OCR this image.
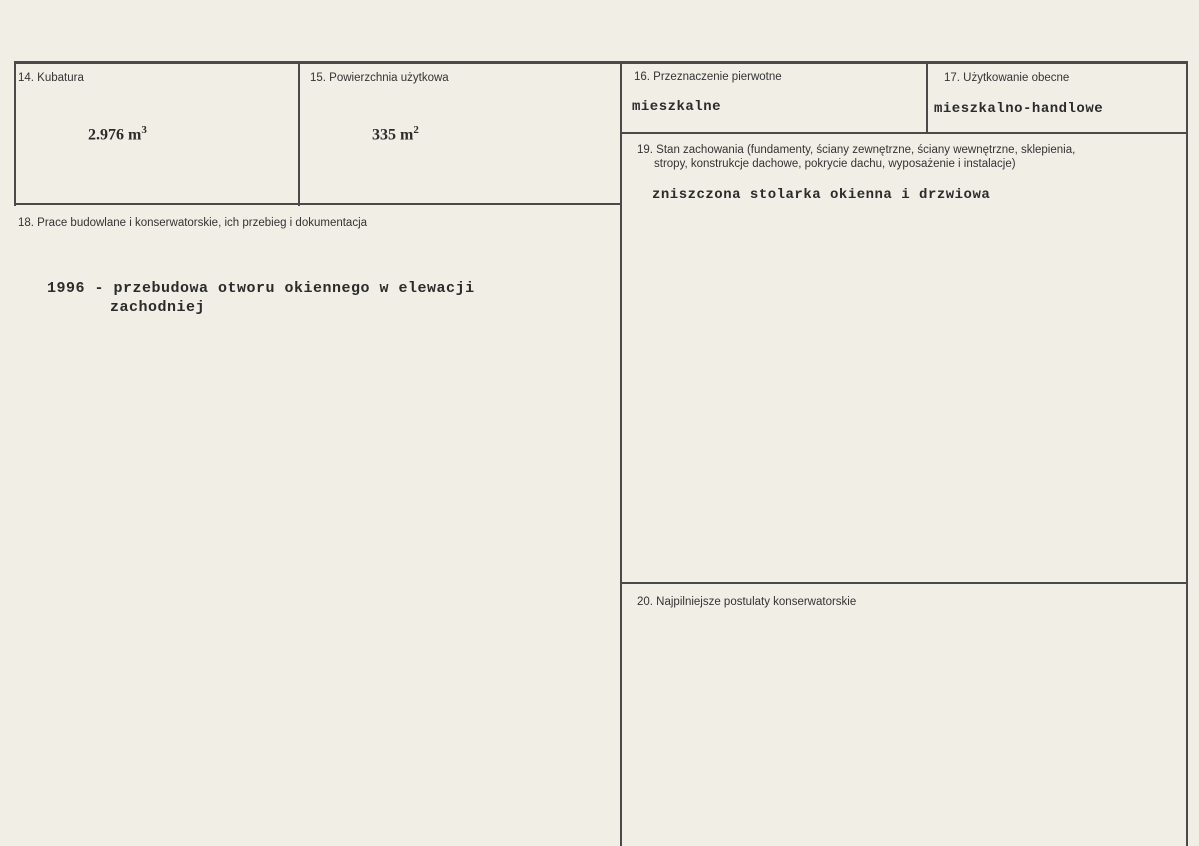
14. Kubatura
2.976 $m^3$
15. Powierzchnia użytkowa
335 $m^2$
16. Przeznaczenie pierwotne
mieszkalne
17. Użytkowanie obecne
mieszkalno-handlowe
18. Prace budowlane i konserwatorskie, ich przebieg i dokumentacja
1996 - przebudowa otworu okiennego w elewacji
zachodniej
19. Stan zachowania (fundamenty, ściany zewnętrzne, ściany wewnętrzne, sklepienia,
stropy, konstrukcje dachowe, pokrycie dachu, wyposażenie i instalacje)
zniszczona stolarka okienna i drzwiowa
20. Najpilniejsze postulaty konserwatorskie
